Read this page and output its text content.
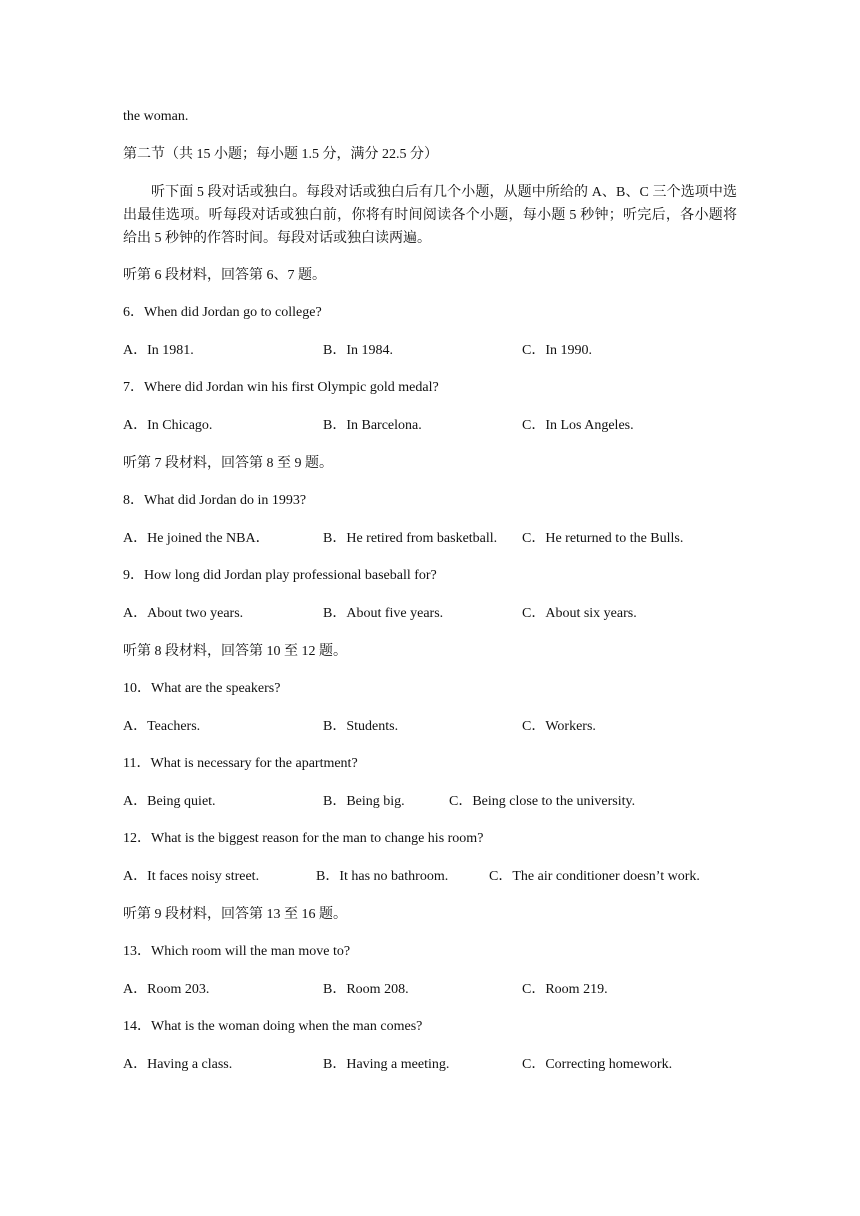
the woman.
第二节（共 15 小题；每小题 1.5 分，满分 22.5 分）
听下面 5 段对话或独白。每段对话或独白后有几个小题，从题中所给的 A、B、C 三个选项中选出最佳选项。听每段对话或独白前，你将有时间阅读各个小题，每小题 5 秒钟；听完后，各小题将给出 5 秒钟的作答时间。每段对话或独白读两遍。
听第 6 段材料，回答第 6、7 题。
6．When did Jordan go to college?
A．In 1981.	B．In 1984.	C．In 1990.
7．Where did Jordan win his first Olympic gold medal?
A．In Chicago.	B．In Barcelona.	C．In Los Angeles.
听第 7 段材料，回答第 8 至 9 题。
8．What did Jordan do in 1993?
A．He joined the NBA．	B．He retired from basketball. C．He returned to the Bulls.
9．How long did Jordan play professional baseball for?
A．About two years.	B．About five years.	C．About six years.
听第 8 段材料，回答第 10 至 12 题。
10．What are the speakers?
A．Teachers.	B．Students.	C．Workers.
11．What is necessary for the apartment?
A．Being quiet.	B．Being big.	C．Being close to the university.
12．What is the biggest reason for the man to change his room?
A．It faces noisy street.	B．It has no bathroom.	C．The air conditioner doesn’t work.
听第 9 段材料，回答第 13 至 16 题。
13．Which room will the man move to?
A．Room 203.	B．Room 208.	C．Room 219.
14．What is the woman doing when the man comes?
A．Having a class.	B．Having a meeting.	C．Correcting homework.
